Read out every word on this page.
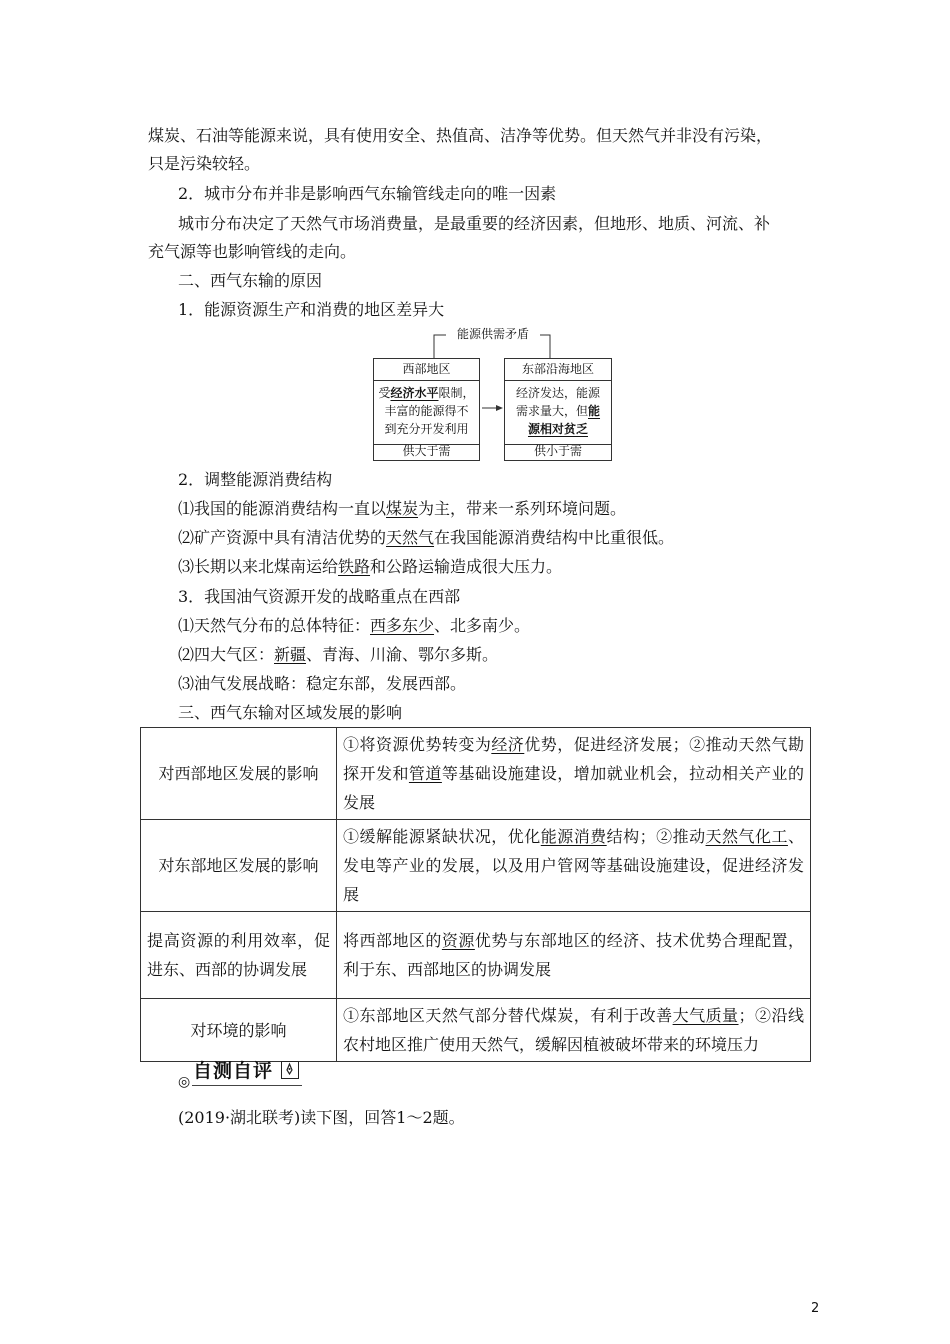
煤炭、石油等能源来说，具有使用安全、热值高、洁净等优势。但天然气并非没有污染，
只是污染较轻。
2．城市分布并非是影响西气东输管线走向的唯一因素
城市分布决定了天然气市场消费量，是最重要的经济因素，但地形、地质、河流、补
充气源等也影响管线的走向。
二、西气东输的原因
1．能源资源生产和消费的地区差异大
能源供需矛盾
西部地区
受经济水平限制，
丰富的能源得不
到充分开发利用
供大于需
东部沿海地区
经济发达，能源
需求量大，但能
源相对贫乏
供小于需
2．调整能源消费结构
⑴我国的能源消费结构一直以煤炭为主，带来一系列环境问题。
⑵矿产资源中具有清洁优势的天然气在我国能源消费结构中比重很低。
⑶长期以来北煤南运给铁路和公路运输造成很大压力。
3．我国油气资源开发的战略重点在西部
⑴天然气分布的总体特征：西多东少、北多南少。
⑵四大气区：新疆、青海、川渝、鄂尔多斯。
⑶油气发展战略：稳定东部，发展西部。
三、西气东输对区域发展的影响
对西部地区发展的影响	①将资源优势转变为经济优势，促进经济发展；②推动天然气勘探开发和管道等基础设施建设，增加就业机会，拉动相关产业的发展
对东部地区发展的影响	①缓解能源紧缺状况，优化能源消费结构；②推动天然气化工、发电等产业的发展，以及用户管网等基础设施建设，促进经济发展
提高资源的利用效率，促进东、西部的协调发展	将西部地区的资源优势与东部地区的经济、技术优势合理配置，利于东、西部地区的协调发展
对环境的影响	①东部地区天然气部分替代煤炭，有利于改善大气质量；②沿线农村地区推广使用天然气，缓解因植被破坏带来的环境压力
◎ 自测自评
(2019·湖北联考)读下图，回答1～2题。
2
